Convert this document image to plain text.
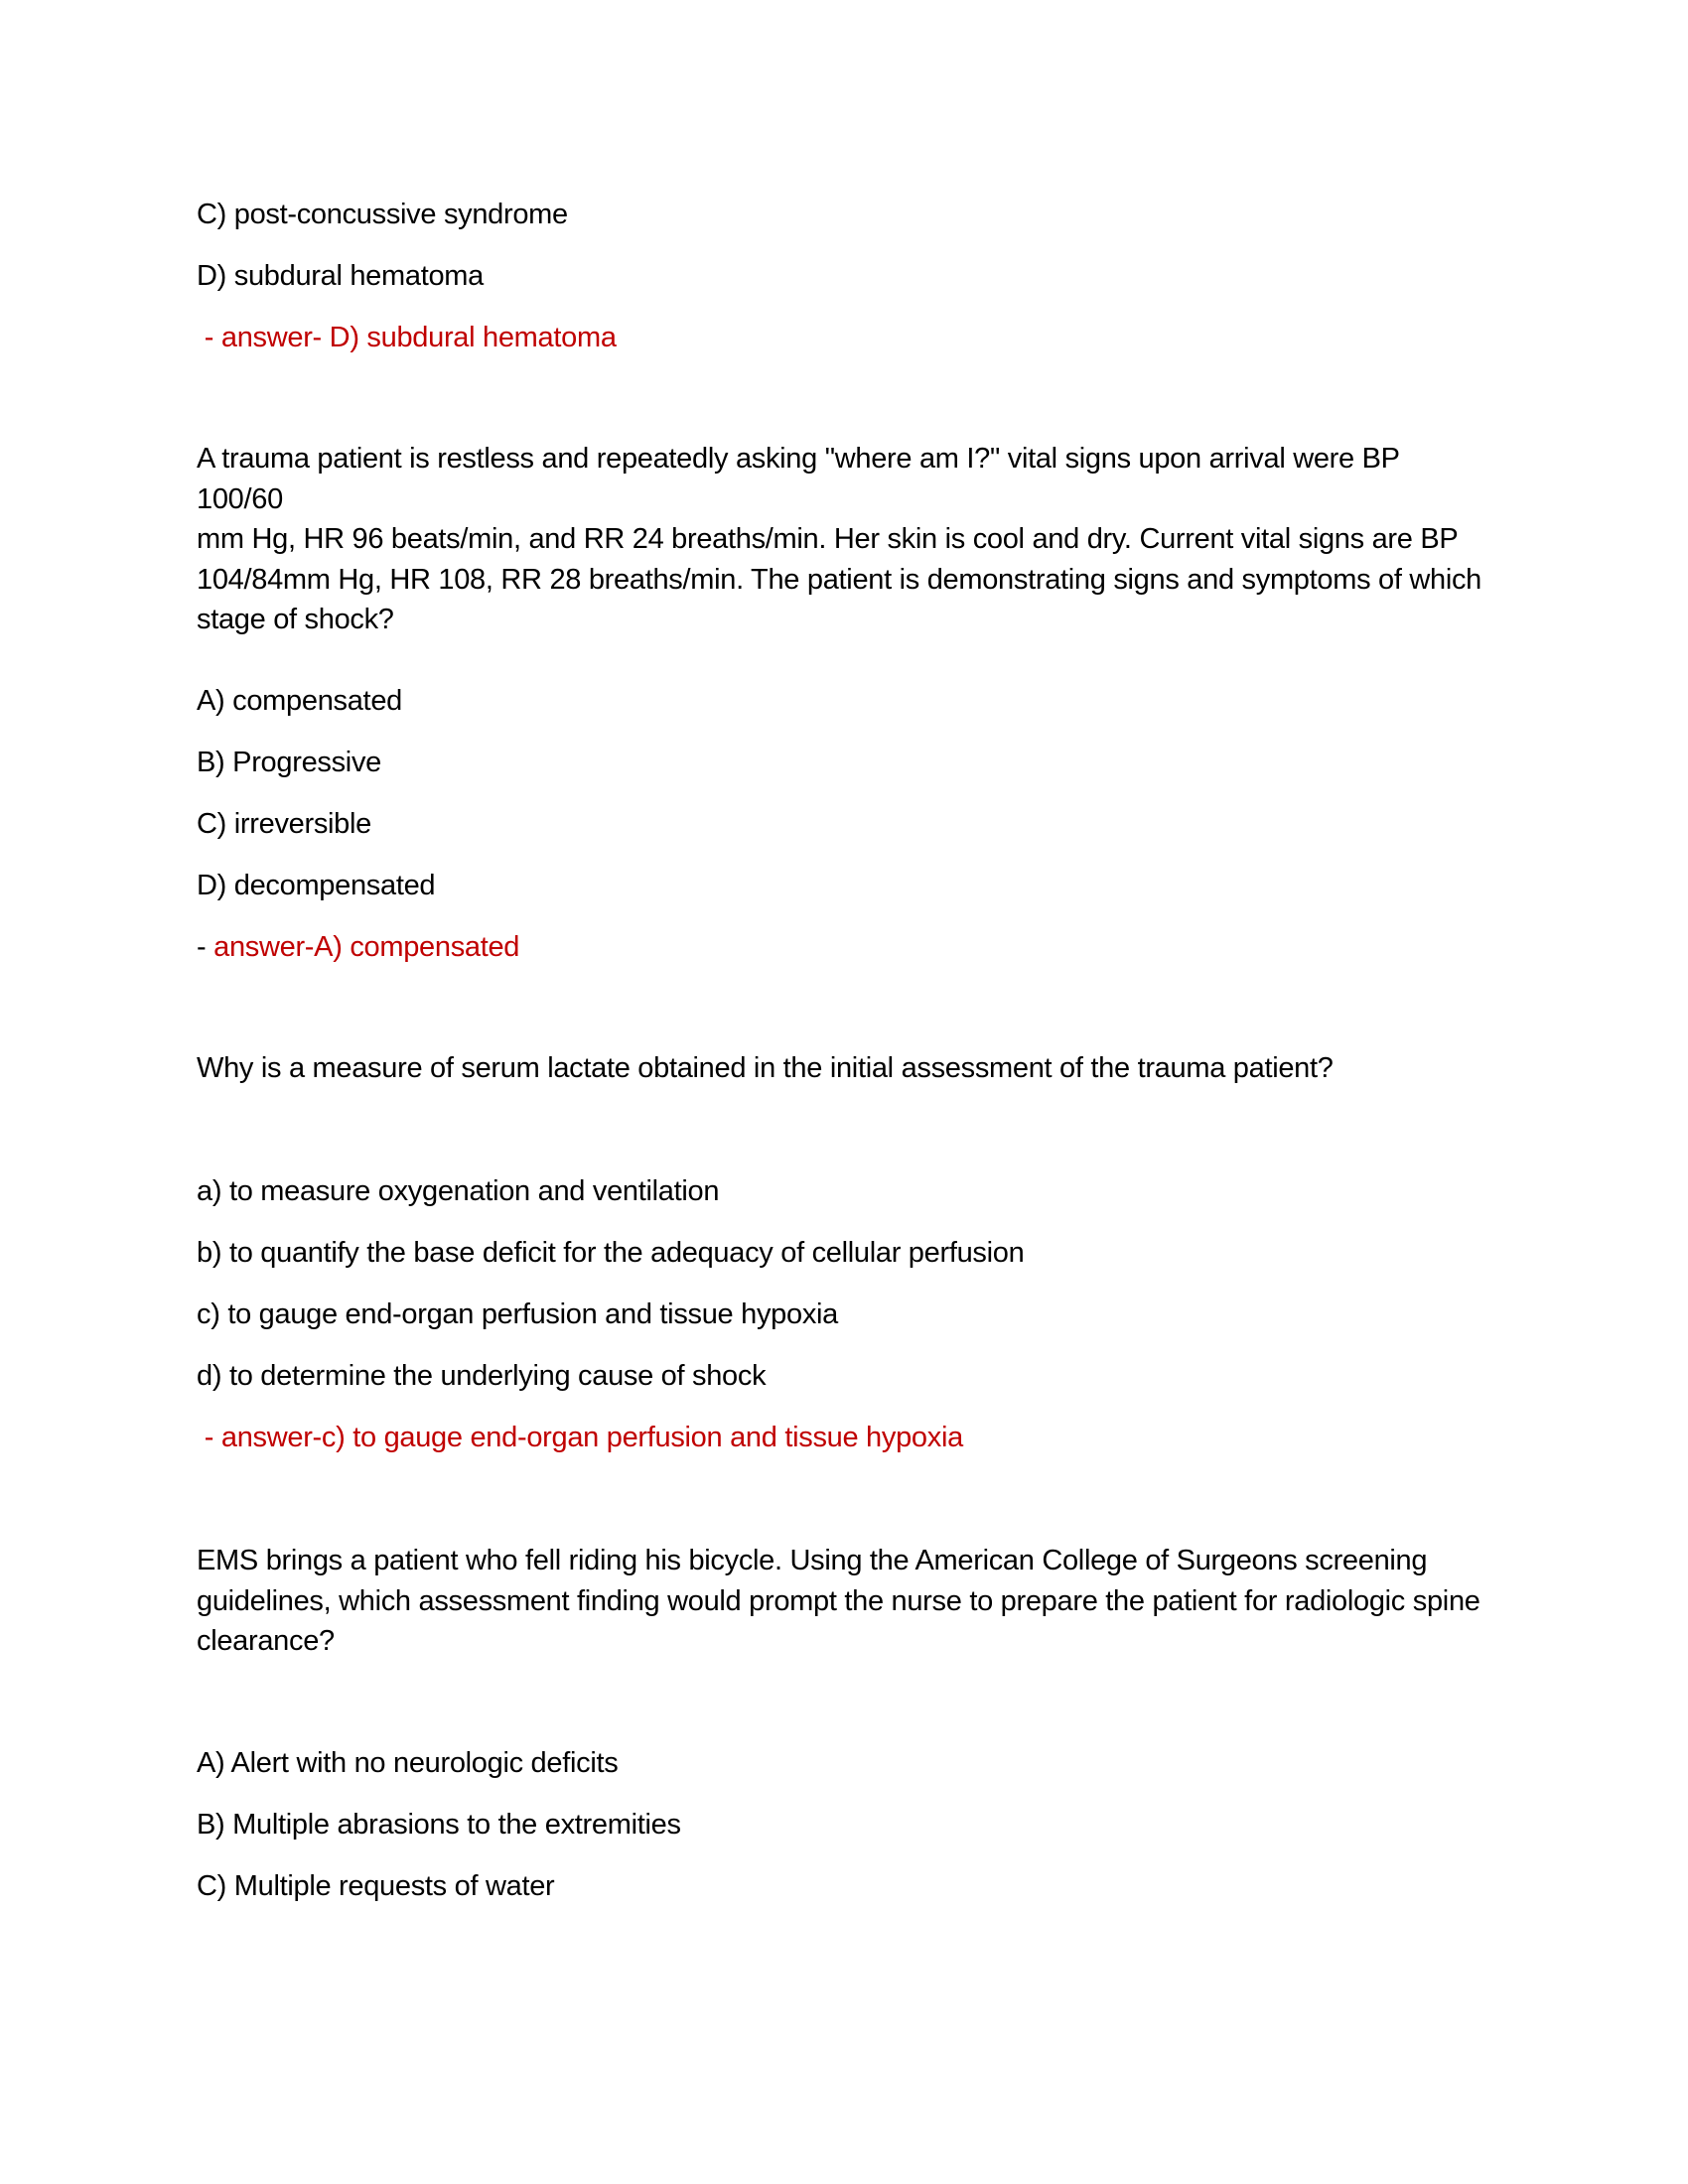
C) post-concussive syndrome
D) subdural hematoma
- answer- D) subdural hematoma
A trauma patient is restless and repeatedly asking "where am I?" vital signs upon arrival were BP 100/60
mm Hg, HR 96 beats/min, and RR 24 breaths/min. Her skin is cool and dry. Current vital signs are BP
104/84mm Hg, HR 108, RR 28 breaths/min. The patient is demonstrating signs and symptoms of which
stage of shock?
A) compensated
B) Progressive
C) irreversible
D) decompensated
- answer-A) compensated
Why is a measure of serum lactate obtained in the initial assessment of the trauma patient?
a) to measure oxygenation and ventilation
b) to quantify the base deficit for the adequacy of cellular perfusion
c) to gauge end-organ perfusion and tissue hypoxia
d) to determine the underlying cause of shock
- answer-c) to gauge end-organ perfusion and tissue hypoxia
EMS brings a patient who fell riding his bicycle. Using the American College of Surgeons screening
guidelines, which assessment finding would prompt the nurse to prepare the patient for radiologic spine
clearance?
A) Alert with no neurologic deficits
B) Multiple abrasions to the extremities
C) Multiple requests of water
